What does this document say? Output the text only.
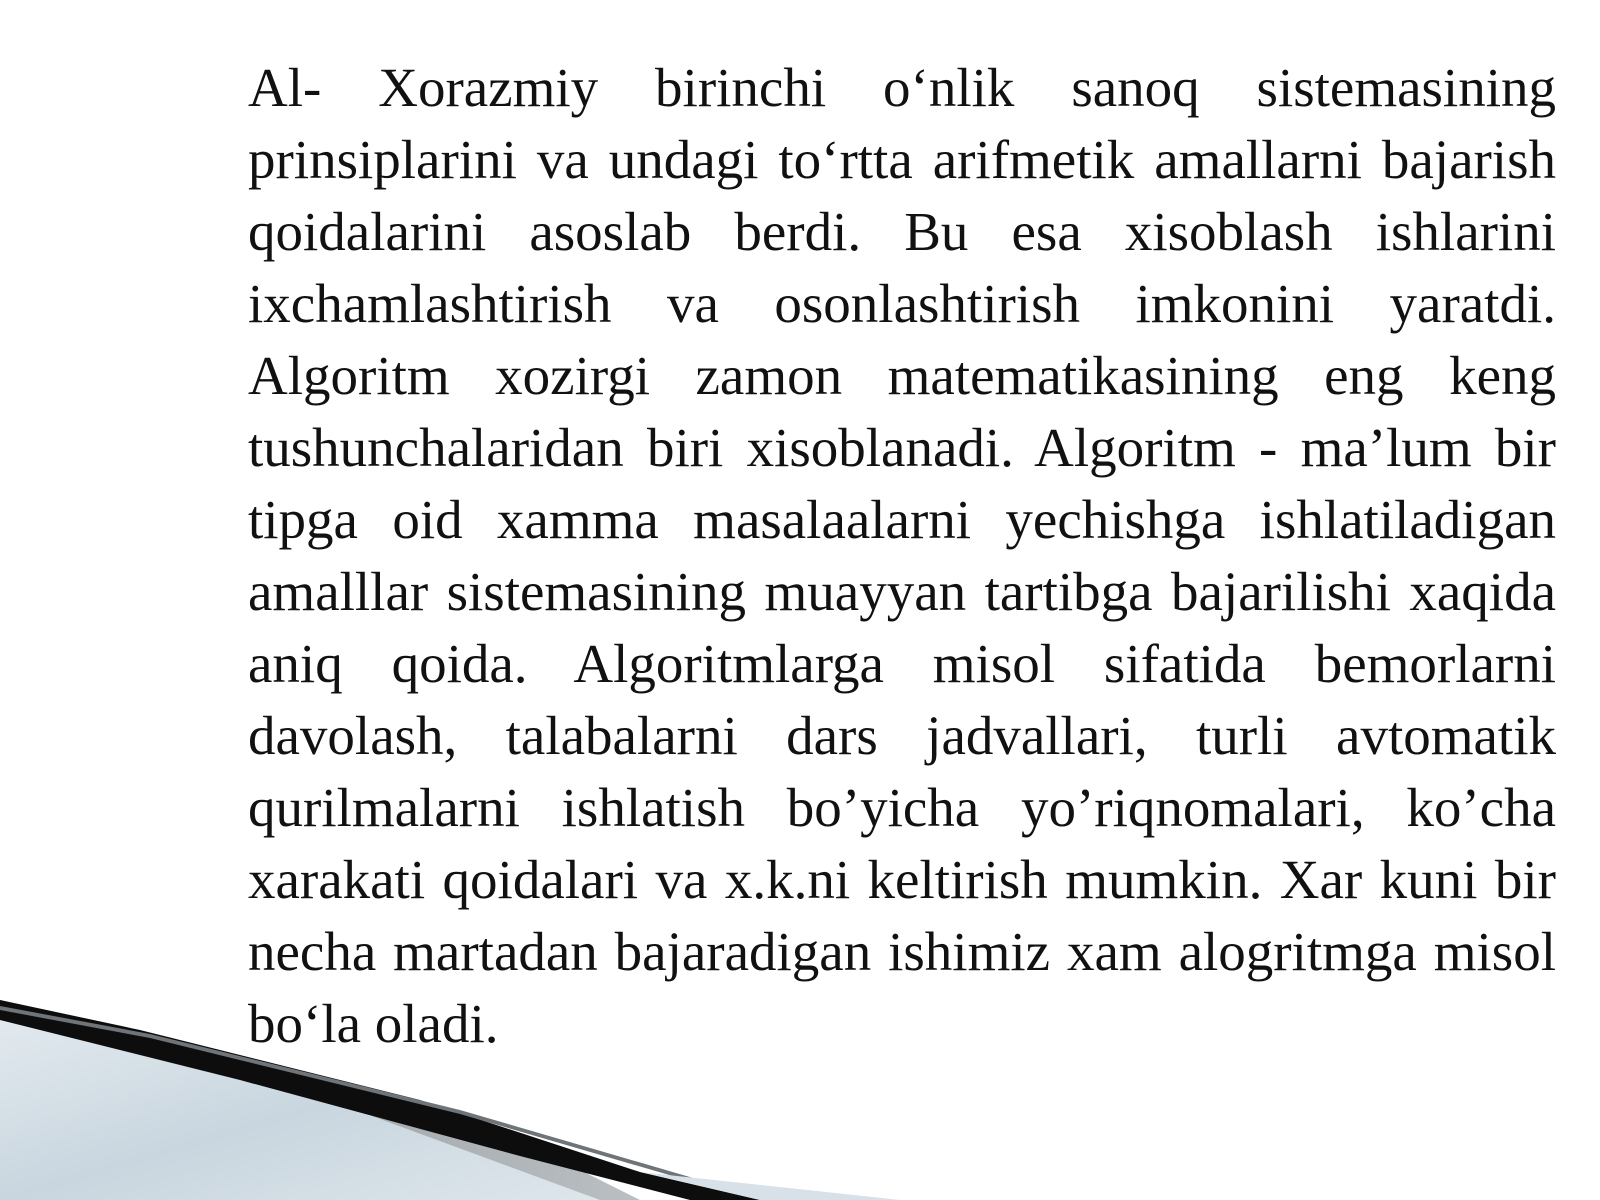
Al- Xorazmiy birinchi o‘nlik sanoq sistemasining
prinsiplarini va undagi to‘rtta arifmetik amallarni bajarish
qoidalarini asoslab berdi. Bu esa xisoblash ishlarini
ixchamlashtirish va osonlashtirish imkonini yaratdi.
Algoritm xozirgi zamon matematikasining eng keng
tushunchalaridan biri xisoblanadi. Algoritm - ma’lum bir
tipga oid xamma masalaalarni yechishga ishlatiladigan
amalllar sistemasining muayyan tartibga bajarilishi xaqida
aniq qoida. Algoritmlarga misol sifatida bemorlarni
davolash, talabalarni dars jadvallari, turli avtomatik
qurilmalarni ishlatish bo’yicha yo’riqnomalari, ko’cha
xarakati qoidalari va x.k.ni keltirish mumkin. Xar kuni bir
necha martadan bajaradigan ishimiz xam alogritmga misol
bo‘la oladi.
